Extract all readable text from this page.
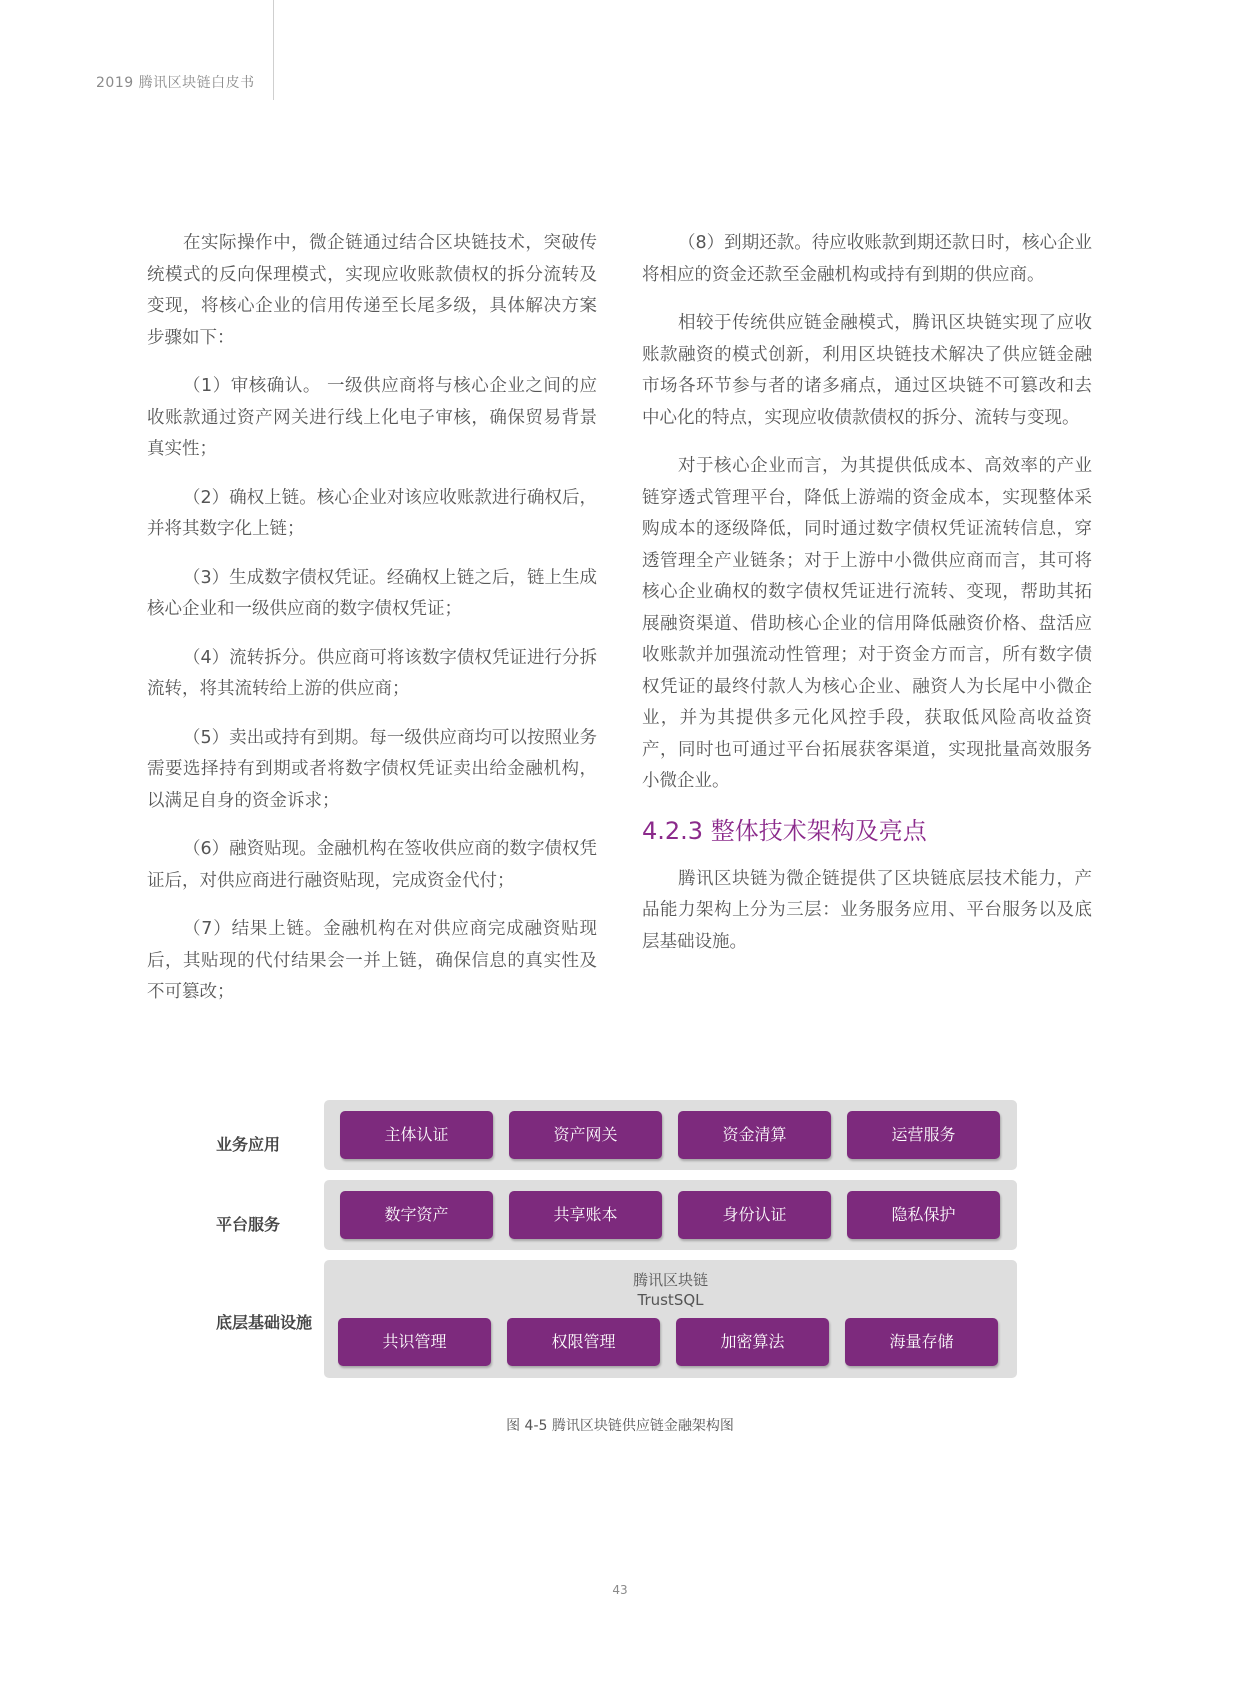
2019 腾讯区块链白皮书

在实际操作中，微企链通过结合区块链技术，突破传统模式的反向保理模式，实现应收账款债权的拆分流转及变现，将核心企业的信用传递至长尾多级，具体解决方案步骤如下：

（1）审核确认。 一级供应商将与核心企业之间的应收账款通过资产网关进行线上化电子审核，确保贸易背景真实性；

（2）确权上链。核心企业对该应收账款进行确权后，并将其数字化上链；

（3）生成数字债权凭证。经确权上链之后，链上生成核心企业和一级供应商的数字债权凭证；

（4）流转拆分。供应商可将该数字债权凭证进行分拆流转，将其流转给上游的供应商；

（5）卖出或持有到期。每一级供应商均可以按照业务需要选择持有到期或者将数字债权凭证卖出给金融机构，以满足自身的资金诉求；

（6）融资贴现。金融机构在签收供应商的数字债权凭证后，对供应商进行融资贴现，完成资金代付；

（7）结果上链。金融机构在对供应商完成融资贴现后，其贴现的代付结果会一并上链，确保信息的真实性及不可篡改；

（8）到期还款。待应收账款到期还款日时，核心企业将相应的资金还款至金融机构或持有到期的供应商。

相较于传统供应链金融模式，腾讯区块链实现了应收账款融资的模式创新，利用区块链技术解决了供应链金融市场各环节参与者的诸多痛点，通过区块链不可篡改和去中心化的特点，实现应收债款债权的拆分、流转与变现。

对于核心企业而言，为其提供低成本、高效率的产业链穿透式管理平台，降低上游端的资金成本，实现整体采购成本的逐级降低，同时通过数字债权凭证流转信息，穿透管理全产业链条；对于上游中小微供应商而言，其可将核心企业确权的数字债权凭证进行流转、变现，帮助其拓展融资渠道、借助核心企业的信用降低融资价格、盘活应收账款并加强流动性管理；对于资金方而言，所有数字债权凭证的最终付款人为核心企业、融资人为长尾中小微企业，并为其提供多元化风控手段，获取低风险高收益资产，同时也可通过平台拓展获客渠道，实现批量高效服务小微企业。

4.2.3 整体技术架构及亮点

腾讯区块链为微企链提供了区块链底层技术能力，产品能力架构上分为三层：业务服务应用、平台服务以及底层基础设施。

业务应用
主体认证	资产网关	资金清算	运营服务
平台服务
数字资产	共享账本	身份认证	隐私保护
底层基础设施
腾讯区块链
TrustSQL
共识管理	权限管理	加密算法	海量存储
图 4-5 腾讯区块链供应链金融架构图
43
